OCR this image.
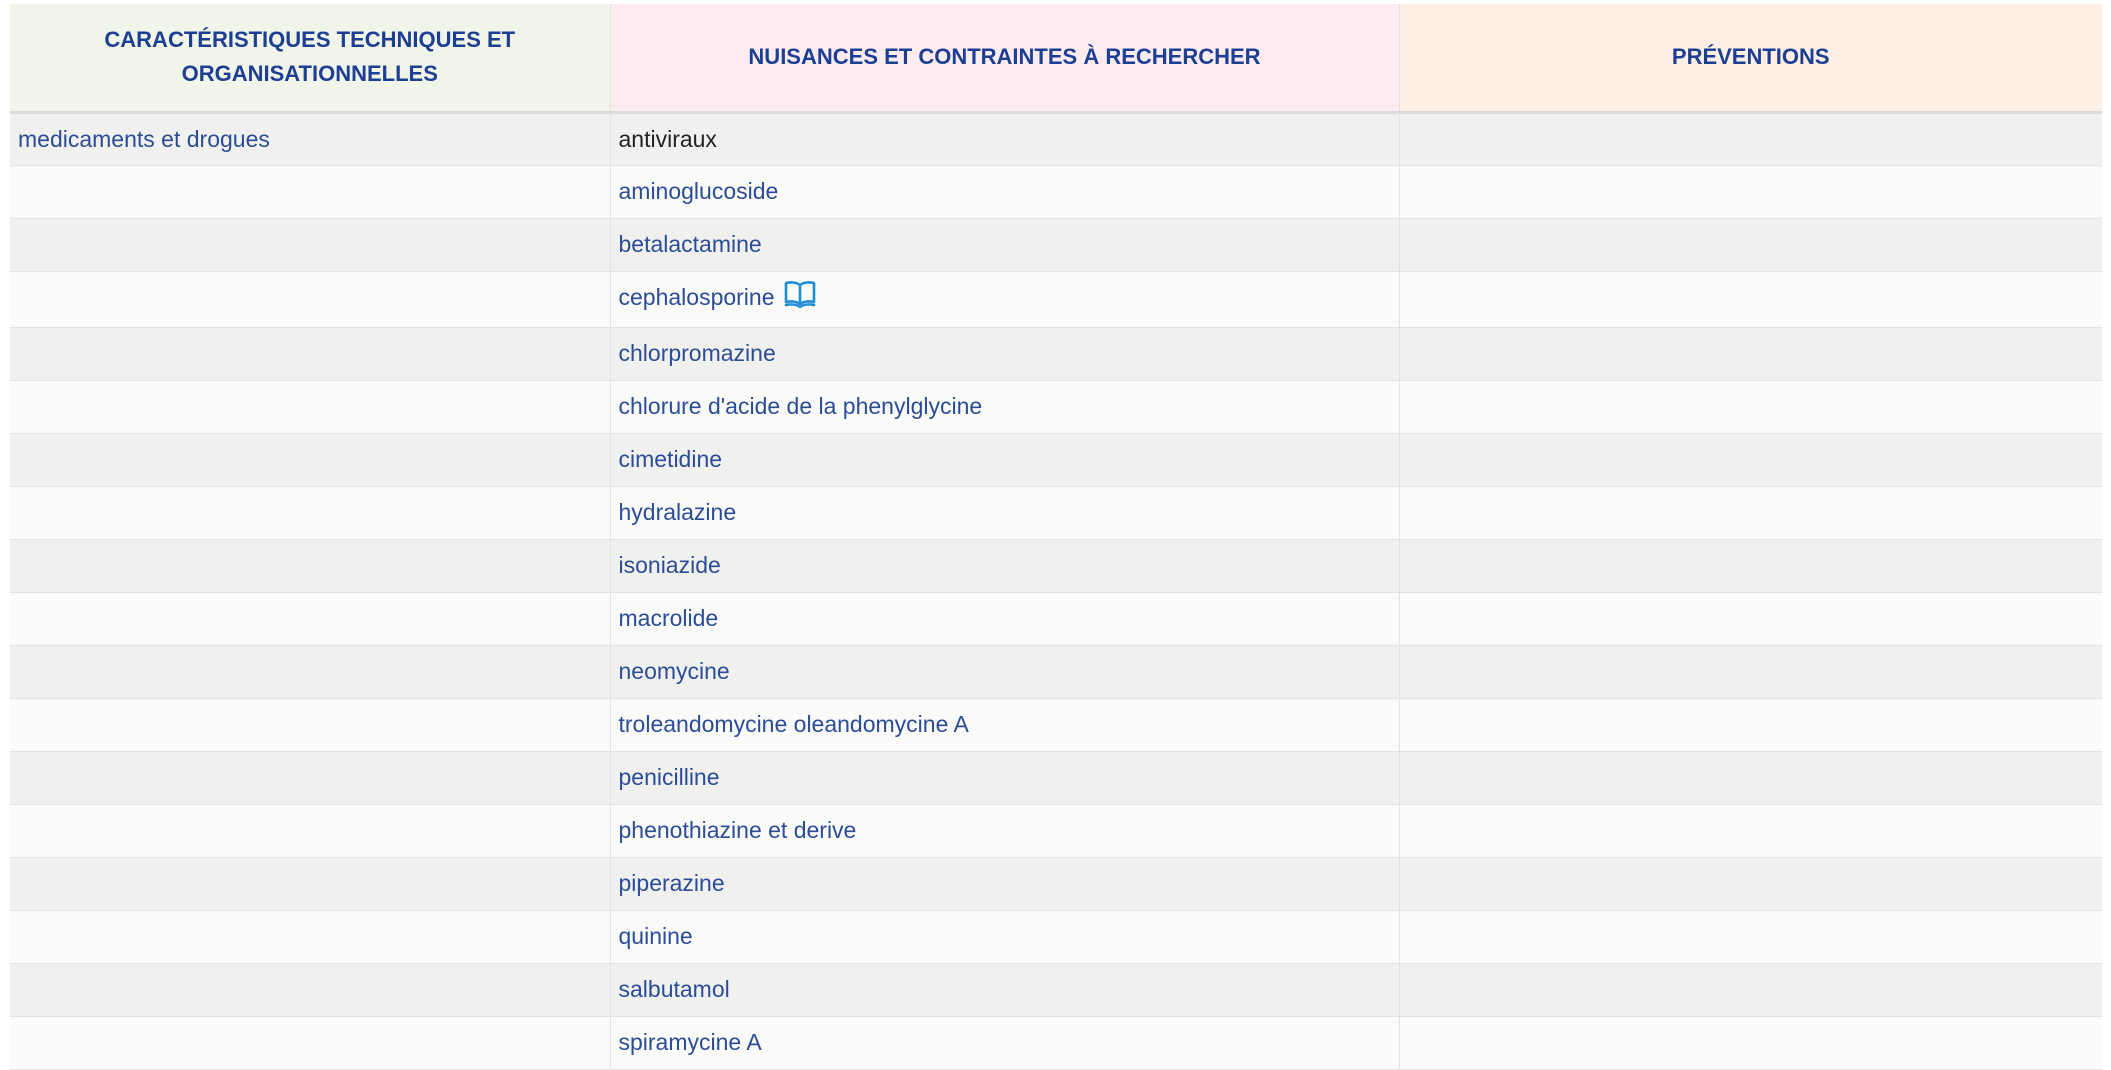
CARACTÉRISTIQUES TECHNIQUES ET ORGANISATIONNELLES	NUISANCES ET CONTRAINTES À RECHERCHER	PRÉVENTIONS
medicaments et drogues	antiviraux	
	aminoglucoside	
	betalactamine	
	cephalosporine	
	chlorpromazine	
	chlorure d'acide de la phenylglycine	
	cimetidine	
	hydralazine	
	isoniazide	
	macrolide	
	neomycine	
	troleandomycine oleandomycine A	
	penicilline	
	phenothiazine et derive	
	piperazine	
	quinine	
	salbutamol	
	spiramycine A	
